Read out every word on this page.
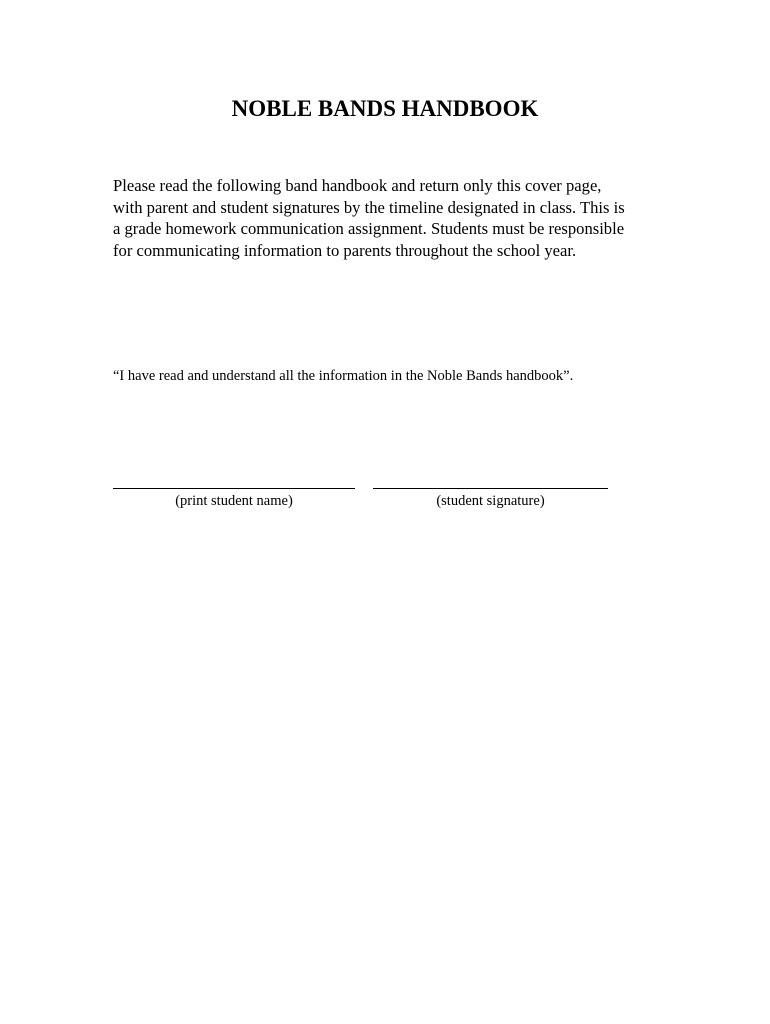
NOBLE BANDS HANDBOOK

Please read the following band handbook and return only this cover page,
with parent and student signatures by the timeline designated in class. This is
a grade homework communication assignment. Students must be responsible
for communicating information to parents throughout the school year.

“I have read and understand all the information in the Noble Bands handbook”.

(print student name)	(student signature)
